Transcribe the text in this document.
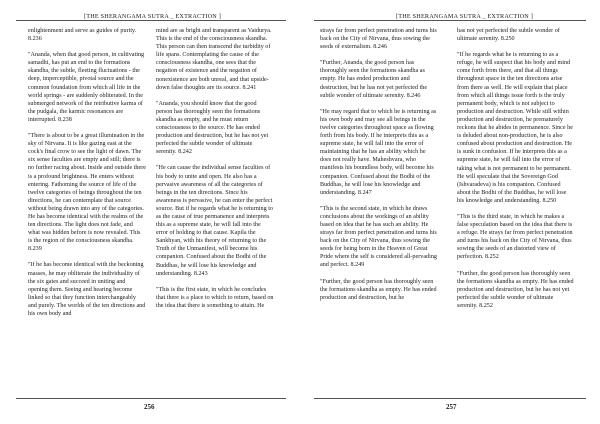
[THE SHERANGAMA SUTRA _ EXTRACTION ]

enlightenment and serve as guides of purity. 8.236

"Ananda, when that good person, in cultivating samadhi, has put an end to the formations skandha, the subtle, fleeting fluctuations - the deep, imperceptible, pivotal source and the common foundation from which all life in the world springs - are suddenly obliterated. In the submerged network of the retributive karma of the pudgala, the karmic resonances are interrupted. 8.238

"There is about to be a great illumination in the sky of Nirvana. It is like gazing east at the cock's final crow to see the light of dawn. The six sense faculties are empty and still; there is no further racing about. Inside and outside there is a profound brightness. He enters without entering. Fathoming the source of life of the twelve categories of beings throughout the ten directions, he can contemplate that source without being drawn into any of the categories. He has become identical with the realms of the ten directions. The light does not fade, and what was hidden before is now revealed. This is the region of the consciousness skandha. 8.239

"If he has become identical with the beckoning masses, he may obliterate the individuality of the six gates and succeed in uniting and opening them. Seeing and hearing become linked so that they function interchangeably and purely. The worlds of the ten directions and his own body and

mind are as bright and transparent as Vaidurya. This is the end of the consciousness skandha. This person can then transcend the turbidity of life spans. Contemplating the cause of the consciousness skandha, one sees that the negation of existence and the negation of nonexistence are both unreal, and that upside-down false thoughts are its source. 8.241

"Ananda, you should know that the good person has thoroughly seen the formations skandha as empty, and he must return consciousness to the source. He has ended production and destruction, but he has not yet perfected the subtle wonder of ultimate serenity. 8.242

"He can cause the individual sense faculties of his body to unite and open. He also has a pervasive awareness of all the categories of beings in the ten directions. Since his awareness is pervasive, he can enter the perfect source. But if he regards what he is returning to as the cause of true permanence and interprets this as a supreme state, he will fall into the error of holding to that cause. Kapila the Sankhyan, with his theory of returning to the Truth of the Unmanifest, will become his companion. Confused about the Bodhi of the Buddhas, he will lose his knowledge and understanding. 8.243

"This is the first state, in which he concludes that there is a place to which to return, based on the idea that there is something to attain. He

256
[THE SHERANGAMA SUTRA _ EXTRACTION ]

strays far from perfect penetration and turns his back on the City of Nirvana, thus sowing the seeds of externalism. 8.246

"Further, Ananda, the good person has thoroughly seen the formations skandha as empty. He has ended production and destruction, but he has not yet perfected the subtle wonder of ultimate serenity. 8.246

"He may regard that to which he is returning as his own body and may see all beings in the twelve categories throughout space as flowing forth from his body. If he interprets this as a supreme state, he will fall into the error of maintaining that he has an ability which he does not really have. Maheshvara, who manifests his boundless body, will become his companion. Confused about the Bodhi of the Buddhas, he will lose his knowledge and understanding. 8.247

"This is the second state, in which he draws conclusions about the workings of an ability based on idea that he has such an ability. He strays far from perfect penetration and turns his back on the City of Nirvana, thus sowing the seeds for being born in the Heaven of Great Pride where the self is considered all-pervading and perfect. 8.249

"Further, the good person has thoroughly seen the formations skandha as empty. He has ended production and destruction, but he

has not yet perfected the subtle wonder of ultimate serenity. 8.250

"If he regards what he is returning to as a refuge, he will suspect that his body and mind come forth from there, and that all things throughout space in the ten directions arise from there as well. He will explain that place from which all things issue forth is the truly permanent body, which is not subject to production and destruction. While still within production and destruction, he prematurely reckons that he abides in permanence. Since he is deluded about non-production, he is also confused about production and destruction. He is sunk in confusion. If he interprets this as a supreme state, he will fall into the error of taking what is not permanent to be permanent. He will speculate that the Sovereign God (Ishvaradeva) is his companion. Confused about the Bodhi of the Buddhas, he will lose his knowledge and understanding. 8.250

"This is the third state, in which he makes a false speculation based on the idea that there is a refuge. He strays far from perfect penetration and turns his back on the City of Nirvana, thus sowing the seeds of an distorted view of perfection. 8.252

"Further, the good person has thoroughly seen the formations skandha as empty. He has ended production and destruction, but he has not yet perfected the subtle wonder of ultimate serenity. 8.252

257
